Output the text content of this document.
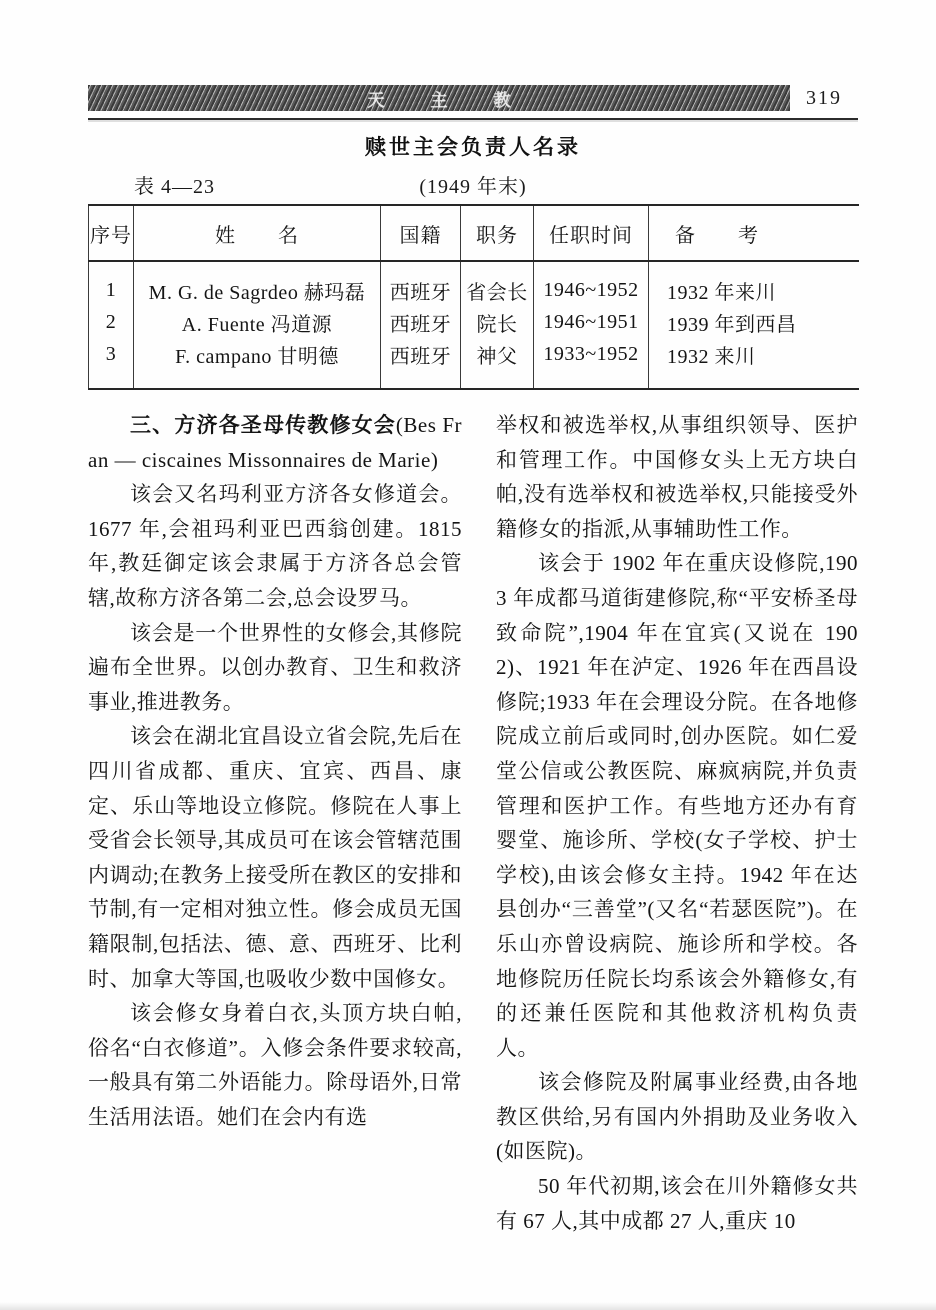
天主教	319
赎世主会负责人名录
表 4—23	(1949 年末)
序号	姓　　名	国籍	职务	任职时间	备　　考
1	M. G. de Sagrdeo 赫玛磊	西班牙	省会长	1946~1952	1932 年来川
2	A. Fuente 冯道源	西班牙	院长	1946~1951	1939 年到西昌
3	F. campano 甘明德	西班牙	神父	1933~1952	1932 来川

三、方济各圣母传教修女会(Bes Fran — ciscaines Missonnaires de Marie)

该会又名玛利亚方济各女修道会。1677 年,会祖玛利亚巴西翁创建。1815 年,教廷御定该会隶属于方济各总会管辖,故称方济各第二会,总会设罗马。

该会是一个世界性的女修会,其修院遍布全世界。以创办教育、卫生和救济事业,推进教务。

该会在湖北宜昌设立省会院,先后在四川省成都、重庆、宜宾、西昌、康定、乐山等地设立修院。修院在人事上受省会长领导,其成员可在该会管辖范围内调动;在教务上接受所在教区的安排和节制,有一定相对独立性。修会成员无国籍限制,包括法、德、意、西班牙、比利时、加拿大等国,也吸收少数中国修女。

该会修女身着白衣,头顶方块白帕,俗名“白衣修道”。入修会条件要求较高,一般具有第二外语能力。除母语外,日常生活用法语。她们在会内有选

举权和被选举权,从事组织领导、医护和管理工作。中国修女头上无方块白帕,没有选举权和被选举权,只能接受外籍修女的指派,从事辅助性工作。

该会于 1902 年在重庆设修院,1903 年成都马道街建修院,称“平安桥圣母致命院”,1904 年在宜宾(又说在 1902)、1921 年在泸定、1926 年在西昌设修院;1933 年在会理设分院。在各地修院成立前后或同时,创办医院。如仁爱堂公信或公教医院、麻疯病院,并负责管理和医护工作。有些地方还办有育婴堂、施诊所、学校(女子学校、护士学校),由该会修女主持。1942 年在达县创办“三善堂”(又名“若瑟医院”)。在乐山亦曾设病院、施诊所和学校。各地修院历任院长均系该会外籍修女,有的还兼任医院和其他救济机构负责人。

该会修院及附属事业经费,由各地教区供给,另有国内外捐助及业务收入(如医院)。

50 年代初期,该会在川外籍修女共有 67 人,其中成都 27 人,重庆 10
